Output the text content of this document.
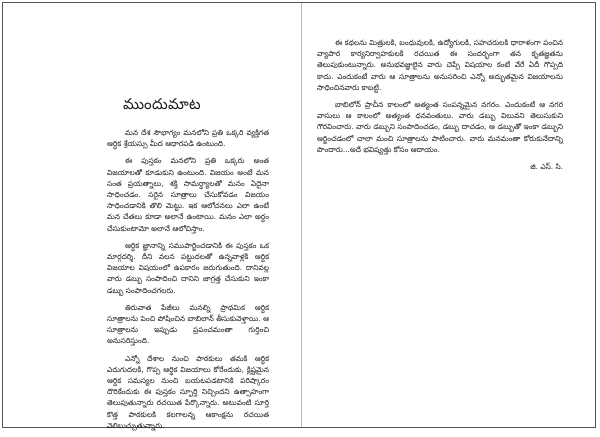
ముందుమాట

మన దేశ సౌభాగ్యం మనలోని ప్రతి ఒక్కరి వ్యక్తిగత ఆర్థిక శ్రేయస్సు మీద ఆధారపడి ఉంటుంది.

ఈ పుస్తకం మనలోని ప్రతి ఒక్కరు అంత విజయాలతో కూడుకుని ఉంటుంది. విజయం అంటే మన సంత ప్రయత్నాలు, శక్తి సామర్థ్యాలతో మనం ఏదైనా సాధించడం. సరైన సూత్రాలు చేసుకోవడం విజయం సాధించడానికి తొలి మెట్టు. ఇక ఆలోచనలు ఎలా ఉంటే మన చేతలు కూడా అలానే ఉంటాయి. మనం ఎలా అర్థం చేసుకుంటామో అలానే ఆలోచిస్తాం.

ఆర్థిక జ్ఞానాన్ని సముపార్జించడానికి ఈ పుస్తకం ఒక మార్గదర్శి. దీని వలన పట్టుదలతో ఉన్నవాళ్లకి ఆర్థిక విజయాల విషయంలో ఉపకారం జరుగుతుంది. దానివల్ల వారు డబ్బు సంపాదించి దానిని జాగ్రత్త చేసుకుని ఇంకా డబ్బు సంపాదించగలరు.

తిరువాత పేజీలు మనల్ని ప్రాథమిక ఆర్థిక సూత్రాలను పెంచి పోషించిన బాబిలాన్ తీసుకువెళ్తాయి. ఆ సూత్రాలను ఇప్పుడు ప్రపంచమంతా గుర్తించి అనుసరిస్తుంది.

ఎన్నో దేశాల నుంచి పాఠకులు తమకి ఆర్థిక ఎదుగుదలకి, గొప్ప ఆర్థిక విజయాలు కోరేందుకు, క్లిష్టమైన ఆర్థిక సమస్యల నుంచి బయటపడటానికి పరిష్కారం దొరికేందుకు ఈ పుస్తకం స్ఫూర్తి నిచ్చిందని ఉత్సాహంగా తెలుపుతున్నారు రచయిత పేర్కొన్నారు. అటువంటి సూర్తి కొత్త పాఠకులకి కలగాలన్న ఆకాంక్షను రచయిత వెలిబుచ్చుతున్నారు.

ఈ కథలను మిత్రులకి, బంధువులకి, ఉద్యోగులకి, సహచరులకి ధారాళంగా పంచిన వ్యాపార కార్యనిర్వాహకులకి రచయిత ఈ సందర్భంగా తన కృతజ్ఞతను తెలుపుకుంటున్నారు. అనుభవజ్ఞులైన వారు చెప్పే విషయాల కంటే వేరే ఏదీ గొప్పది కాదు. ఎందుకంటే వారు ఆ సూత్రాలను అనుసరించి ఎన్నో అద్భుతమైన విజయాలను సాధించినవారు కాబట్టి.

బాబిలోన్ ప్రాచీన కాలంలో అత్యంత సంపన్నమైన నగరం. ఎందుకంటే ఆ నగర వాసులు ఆ కాలంలో అత్యంత ధనవంతులు. వారు డబ్బు విలువని తెలుసుకుని గౌరవించారు. వారు డబ్బుని సంపాదించడం, డబ్బు దాచడం, ఆ డబ్బుతో ఇంకా డబ్బుని ఆర్జించడంలో చాలా మంచి సూత్రాలను పాటించారు. వారు మనమంతా కోరుకునేదాన్ని పొందారు...అదే భవిష్యత్తు కోసం ఆదాయం.

జి. ఎస్. సి.
